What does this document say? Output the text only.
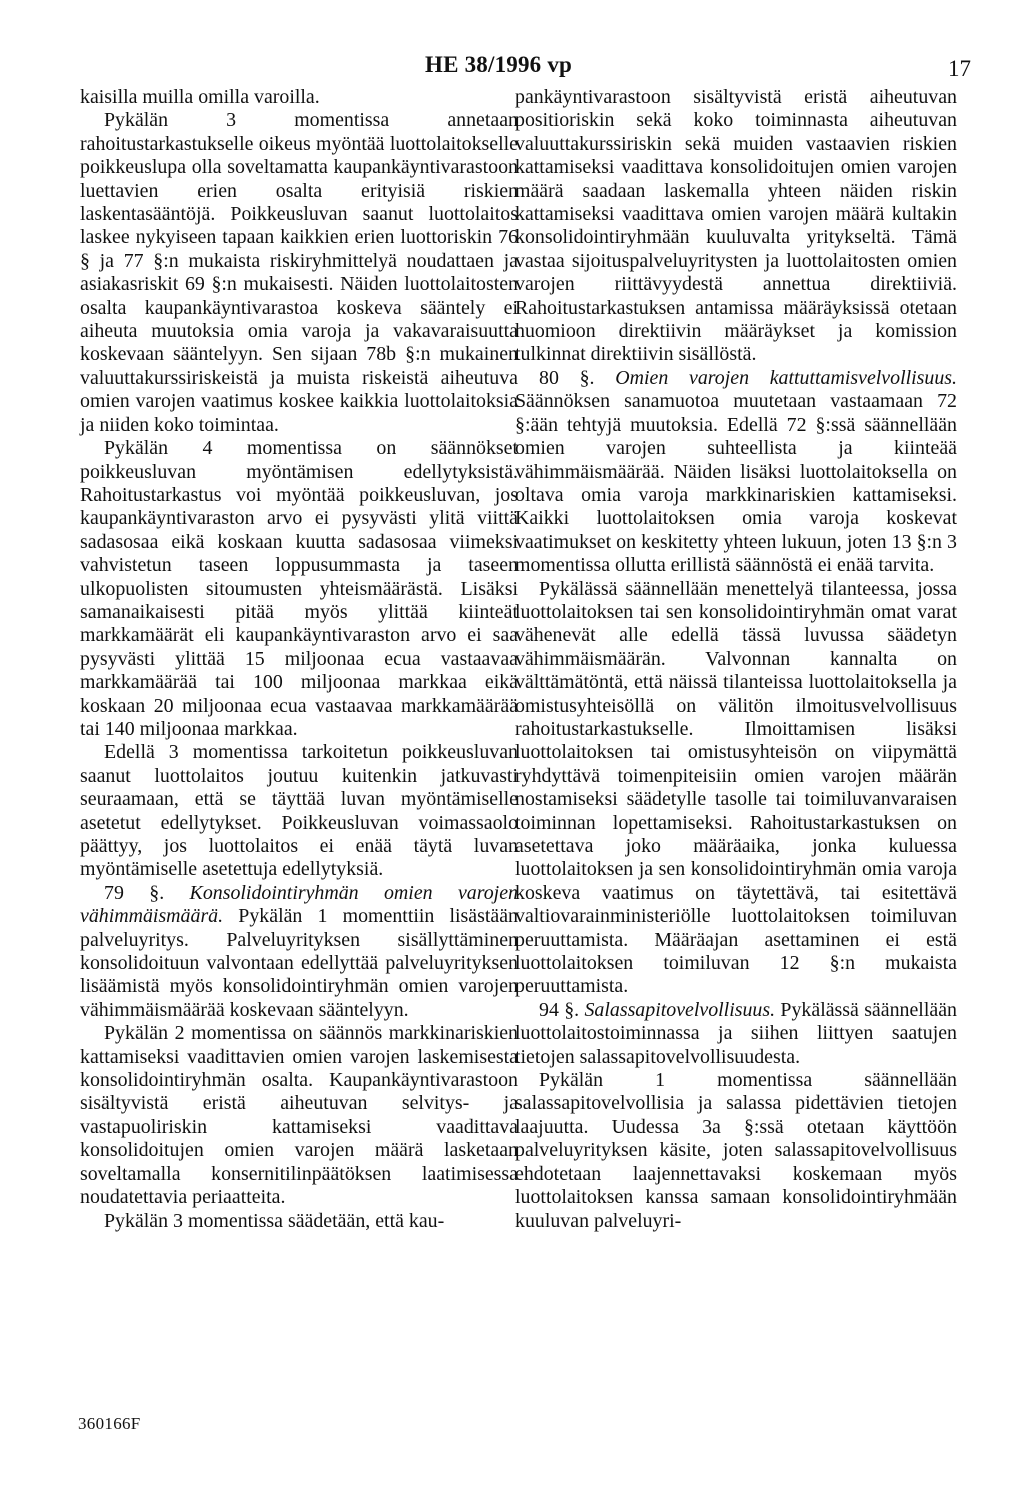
HE 38/1996 vp	17

kaisilla muilla omilla varoilla.

Pykälän 3 momentissa annetaan rahoitustarkastukselle oikeus myöntää luottolaitokselle poikkeuslupa olla soveltamatta kaupankäyntivarastoon luettavien erien osalta erityisiä riskien laskentasääntöjä. Poikkeusluvan saanut luottolaitos laskee nykyiseen tapaan kaikkien erien luottoriskin 76 § ja 77 §:n mukaista riskiryhmittelyä noudattaen ja asiakasriskit 69 §:n mukaisesti. Näiden luottolaitosten osalta kaupankäyntivarastoa koskeva sääntely ei aiheuta muutoksia omia varoja ja vakavaraisuutta koskevaan sääntelyyn. Sen sijaan 78b §:n mukainen valuuttakurssiriskeistä ja muista riskeistä aiheutuva omien varojen vaatimus koskee kaikkia luottolaitoksia ja niiden koko toimintaa.

Pykälän 4 momentissa on säännökset poikkeusluvan myöntämisen edellytyksistä. Rahoitustarkastus voi myöntää poikkeusluvan, jos kaupankäyntivaraston arvo ei pysyvästi ylitä viittä sadasosaa eikä koskaan kuutta sadasosaa viimeksi vahvistetun taseen loppusummasta ja taseen ulkopuolisten sitoumusten yhteismäärästä. Lisäksi samanaikaisesti pitää myös ylittää kiinteät markkamäärät eli kaupankäyntivaraston arvo ei saa pysyvästi ylittää 15 miljoonaa ecua vastaavaa markkamäärää tai 100 miljoonaa markkaa eikä koskaan 20 miljoonaa ecua vastaavaa markkamäärää tai 140 miljoonaa markkaa.

Edellä 3 momentissa tarkoitetun poikkeusluvan saanut luottolaitos joutuu kuitenkin jatkuvasti seuraamaan, että se täyttää luvan myöntämiselle asetetut edellytykset. Poikkeusluvan voimassaolo päättyy, jos luottolaitos ei enää täytä luvan myöntämiselle asetettuja edellytyksiä.

79 §. Konsolidointiryhmän omien varojen vähimmäismäärä. Pykälän 1 momenttiin lisästään palveluyritys. Palveluyrityksen sisällyttäminen konsolidoituun valvontaan edellyttää palveluyrityksen lisäämistä myös konsolidointiryhmän omien varojen vähimmäismäärää koskevaan sääntelyyn.

Pykälän 2 momentissa on säännös markkinariskien kattamiseksi vaadittavien omien varojen laskemisesta konsolidointiryhmän osalta. Kaupankäyntivarastoon sisältyvistä eristä aiheutuvan selvitys- ja vastapuoliriskin kattamiseksi vaadittava konsolidoitujen omien varojen määrä lasketaan soveltamalla konsernitilinpäätöksen laatimisessa noudatettavia periaatteita.

Pykälän 3 momentissa säädetään, että kau-

pankäyntivarastoon sisältyvistä eristä aiheutuvan positioriskin sekä koko toiminnasta aiheutuvan valuuttakurssiriskin sekä muiden vastaavien riskien kattamiseksi vaadittava konsolidoitujen omien varojen määrä saadaan laskemalla yhteen näiden riskin kattamiseksi vaadittava omien varojen määrä kultakin konsolidointiryhmään kuuluvalta yritykseltä. Tämä vastaa sijoituspalveluyritysten ja luottolaitosten omien varojen riittävyydestä annettua direktiiviä. Rahoitustarkastuksen antamissa määräyksissä otetaan huomioon direktiivin määräykset ja komission tulkinnat direktiivin sisällöstä.

80 §. Omien varojen kattuttamisvelvollisuus. Säännöksen sanamuotoa muutetaan vastaamaan 72 §:ään tehtyjä muutoksia. Edellä 72 §:ssä säännellään omien varojen suhteellista ja kiinteää vähimmäismäärää. Näiden lisäksi luottolaitoksella on oltava omia varoja markkinariskien kattamiseksi. Kaikki luottolaitoksen omia varoja koskevat vaatimukset on keskitetty yhteen lukuun, joten 13 §:n 3 momentissa ollutta erillistä säännöstä ei enää tarvita.

Pykälässä säännellään menettelyä tilanteessa, jossa luottolaitoksen tai sen konsolidointiryhmän omat varat vähenevät alle edellä tässä luvussa säädetyn vähimmäismäärän. Valvonnan kannalta on välttämätöntä, että näissä tilanteissa luottolaitoksella ja omistusyhteisöllä on välitön ilmoitusvelvollisuus rahoitustarkastukselle. Ilmoittamisen lisäksi luottolaitoksen tai omistusyhteisön on viipymättä ryhdyttävä toimenpiteisiin omien varojen määrän nostamiseksi säädetylle tasolle tai toimiluvanvaraisen toiminnan lopettamiseksi. Rahoitustarkastuksen on asetettava joko määräaika, jonka kuluessa luottolaitoksen ja sen konsolidointiryhmän omia varoja koskeva vaatimus on täytettävä, tai esitettävä valtiovarainministeriölle luottolaitoksen toimiluvan peruuttamista. Määräajan asettaminen ei estä luottolaitoksen toimiluvan 12 §:n mukaista peruuttamista.

94 §. Salassapitovelvollisuus. Pykälässä säännellään luottolaitostoiminnassa ja siihen liittyen saatujen tietojen salassapitovelvollisuudesta.

Pykälän 1 momentissa säännellään salassapitovelvollisia ja salassa pidettävien tietojen laajuutta. Uudessa 3a §:ssä otetaan käyttöön palveluyrityksen käsite, joten salassapitovelvollisuus ehdotetaan laajennettavaksi koskemaan myös luottolaitoksen kanssa samaan konsolidointiryhmään kuuluvan palveluyri-

360166F
